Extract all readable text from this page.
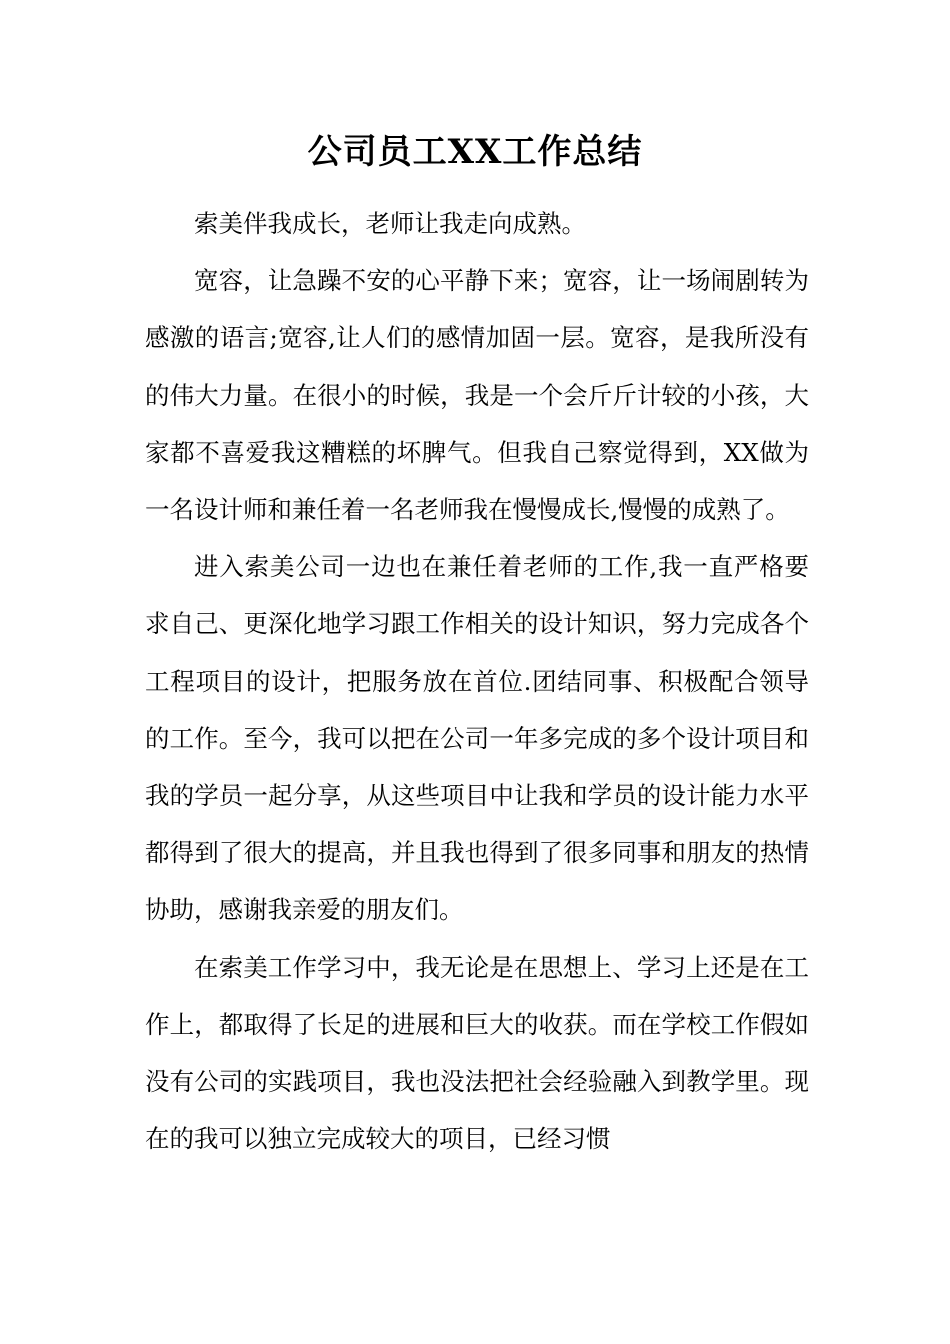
公司员工XX工作总结

索美伴我成长，老师让我走向成熟。

宽容，让急躁不安的心平静下来；宽容，让一场闹剧转为感激的语言;宽容,让人们的感情加固一层。宽容，是我所没有的伟大力量。在很小的时候，我是一个会斤斤计较的小孩，大家都不喜爱我这糟糕的坏脾气。但我自己察觉得到，XX做为一名设计师和兼任着一名老师我在慢慢成长,慢慢的成熟了。

进入索美公司一边也在兼任着老师的工作,我一直严格要求自己、更深化地学习跟工作相关的设计知识，努力完成各个工程项目的设计，把服务放在首位.团结同事、积极配合领导的工作。至今，我可以把在公司一年多完成的多个设计项目和我的学员一起分享，从这些项目中让我和学员的设计能力水平都得到了很大的提高，并且我也得到了很多同事和朋友的热情协助，感谢我亲爱的朋友们。

在索美工作学习中，我无论是在思想上、学习上还是在工作上，都取得了长足的进展和巨大的收获。而在学校工作假如没有公司的实践项目，我也没法把社会经验融入到教学里。现在的我可以独立完成较大的项目，已经习惯
